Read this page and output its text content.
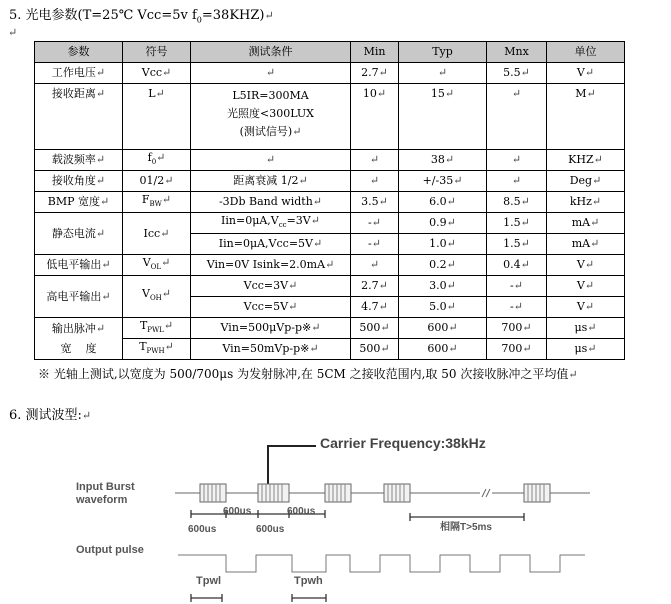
5. 光电参数(T=25℃ Vcc=5v $f_0=38KHZ)↵$
↵
参数	符号	测试条件	Min	Typ	Mnx	单位
工作电压↵	Vcc↵	↵	2.7↵	↵	5.5↵	V↵
接收距离↵	L↵	L5IR=300MA
光照度<300LUX
(测试信号)↵	10↵	15↵	↵	M↵
载波频率↵	$f_0↵$	↵	↵	38↵	↵	KHZ↵
接收角度↵	01/2↵	距离衰减 1/2↵	↵	+/-35↵	↵	Deg↵
BMP 宽度↵	$F_{BW}↵$	-3Db Band width↵	3.5↵	6.0↵	8.5↵	kHz↵
静态电流↵	Icc↵	$Iin=0\mu A,V_{cc}=3V↵$	-↵	0.9↵	1.5↵	mA↵
		Iin=0μA,Vcc=5V↵	-↵	1.0↵	1.5↵	mA↵
低电平输出↵	$V_{OL}↵$	Vin=0V Isink=2.0mA↵	↵	0.2↵	0.4↵	V↵
高电平输出↵	$V_{OH}↵$	Vcc=3V↵	2.7↵	3.0↵	-↵	V↵
		Vcc=5V↵	4.7↵	5.0↵	-↵	V↵

输出脉冲↵
宽    度	$T_{PWL}↵$	Vin=500μVp-p※↵	500↵	600↵	700↵	μs↵
	$T_{PWH}↵$	Vin=50mVp-p※↵	500↵	600↵	700↵	μs↵
※ 光轴上测试,以宽度为 500/700μs 为发射脉冲,在 5CM 之接收范围内,取 50 次接收脉冲之平均值↵
6. 测试波型:↵
Carrier Frequency:38kHz
Input Burst
waveform
600us	600us
600us	600us	相隔T>5ms
Output pulse
Tpwl	Tpwh
